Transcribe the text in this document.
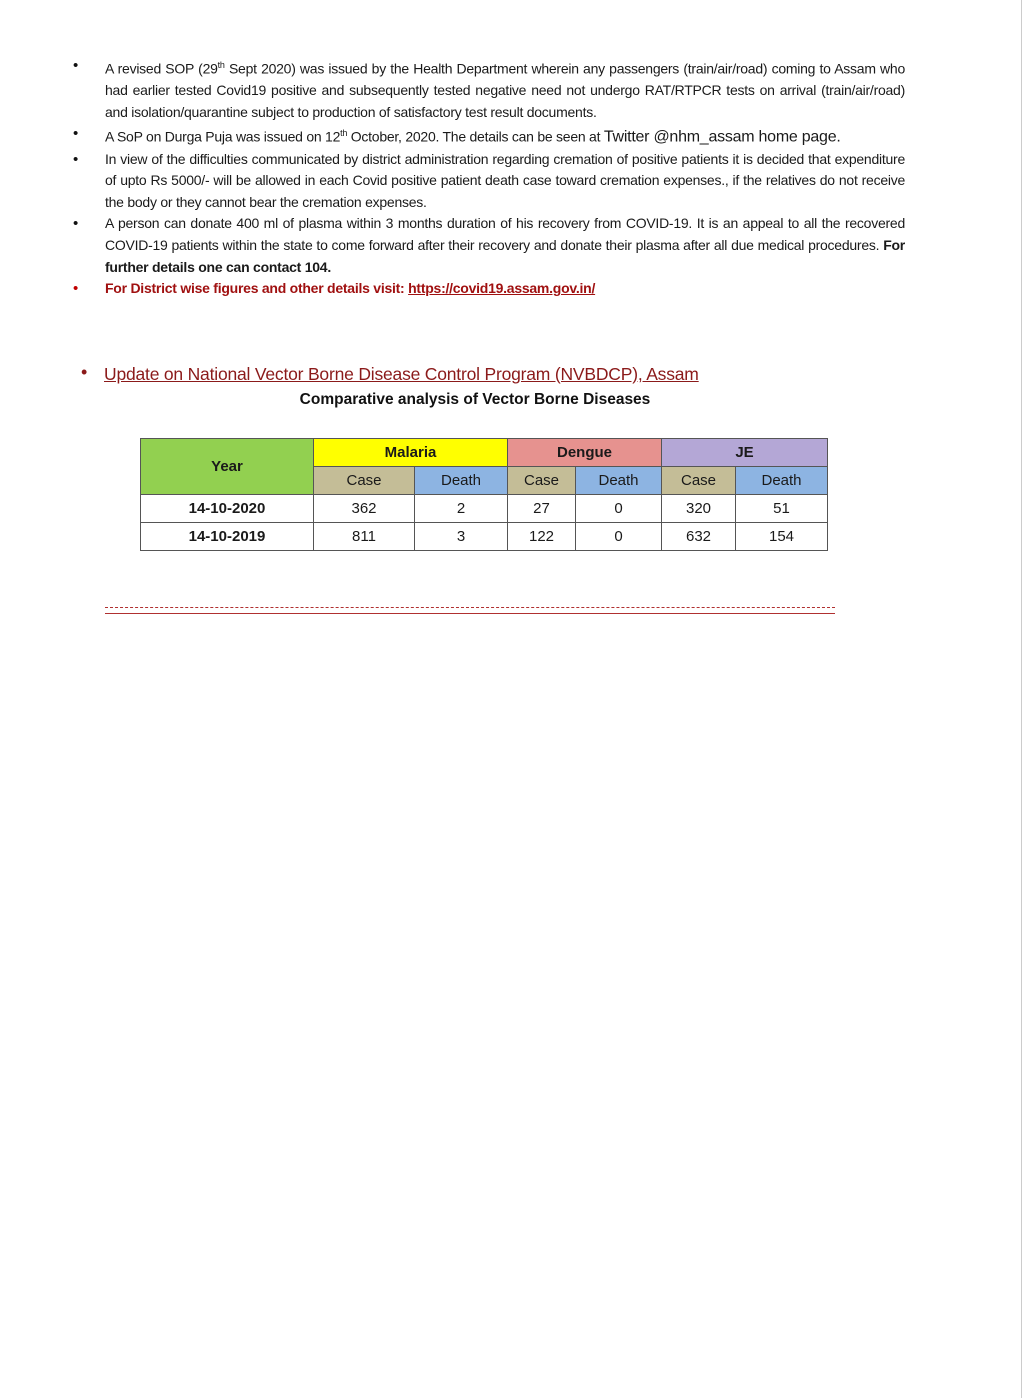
• A revised SOP (29th Sept 2020) was issued by the Health Department wherein any passengers (train/air/road) coming to Assam who had earlier tested Covid19 positive and subsequently tested negative need not undergo RAT/RTPCR tests on arrival (train/air/road) and isolation/quarantine subject to production of satisfactory test result documents.
• A SoP on Durga Puja was issued on 12th October, 2020. The details can be seen at Twitter @nhm_assam home page.
• In view of the difficulties communicated by district administration regarding cremation of positive patients it is decided that expenditure of upto Rs 5000/- will be allowed in each Covid positive patient death case toward cremation expenses., if the relatives do not receive the body or they cannot bear the cremation expenses.
• A person can donate 400 ml of plasma within 3 months duration of his recovery from COVID-19. It is an appeal to all the recovered COVID-19 patients within the state to come forward after their recovery and donate their plasma after all due medical procedures. For further details one can contact 104.
• For District wise figures and other details visit: https://covid19.assam.gov.in/
• Update on National Vector Borne Disease Control Program (NVBDCP), Assam
Comparative analysis of Vector Borne Diseases
Year	Malaria		Dengue		JE	
	Case	Death	Case	Death	Case	Death
14-10-2020	362	2	27	0	320	51
14-10-2019	811	3	122	0	632	154
